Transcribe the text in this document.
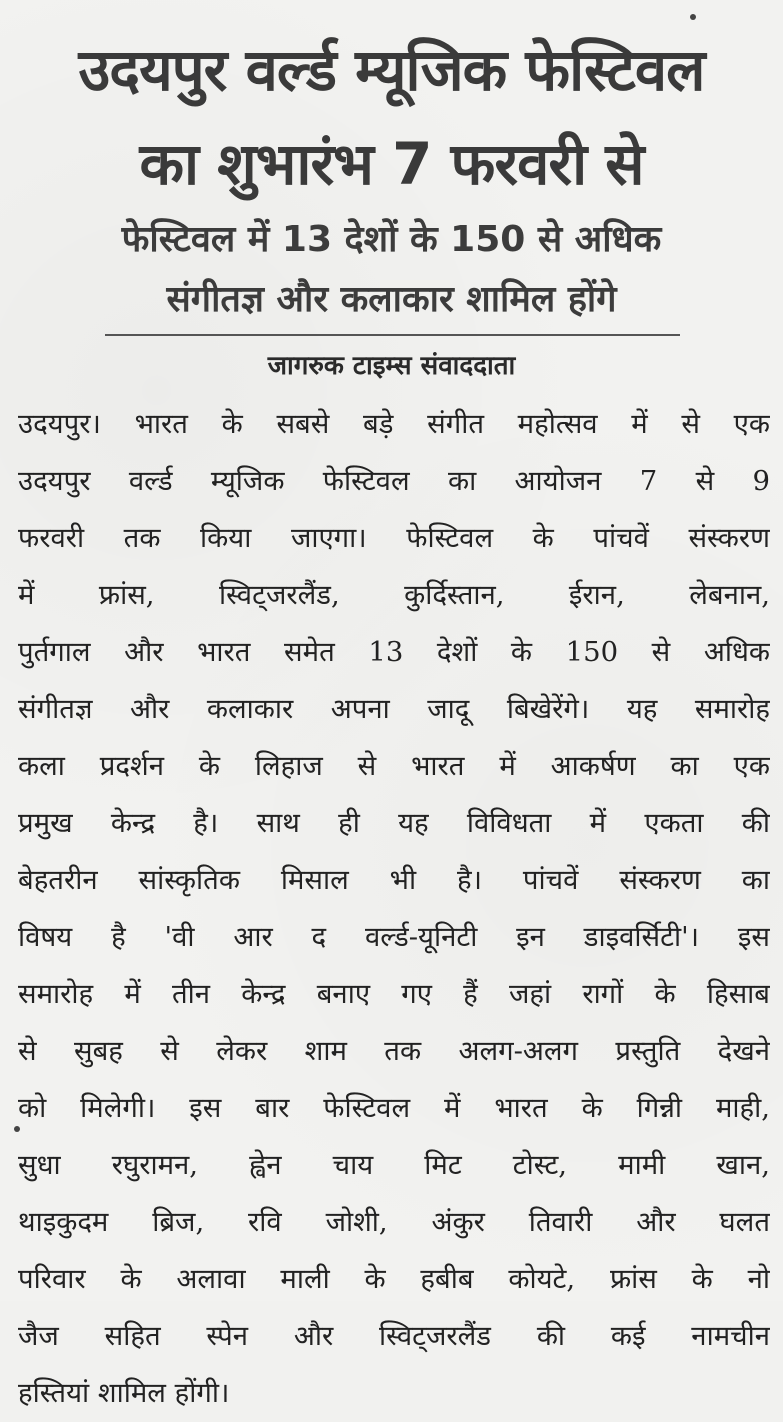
उदयपुर वर्ल्ड म्यूजिक फेस्टिवल
का शुभारंभ 7 फरवरी से
फेस्टिवल में 13 देशों के 150 से अधिक
संगीतज्ञ और कलाकार शामिल होंगे

जागरुक टाइम्स संवाददाता

उदयपुर। भारत के सबसे बड़े संगीत महोत्सव में से एक
उदयपुर वर्ल्ड म्यूजिक फेस्टिवल का आयोजन 7 से 9
फरवरी तक किया जाएगा। फेस्टिवल के पांचवें संस्करण
में फ्रांस, स्विट्जरलैंड, कुर्दिस्तान, ईरान, लेबनान,
पुर्तगाल और भारत समेत 13 देशों के 150 से अधिक
संगीतज्ञ और कलाकार अपना जादू बिखेरेंगे। यह समारोह
कला प्रदर्शन के लिहाज से भारत में आकर्षण का एक
प्रमुख केन्द्र है। साथ ही यह विविधता में एकता की
बेहतरीन सांस्कृतिक मिसाल भी है। पांचवें संस्करण का
विषय है 'वी आर द वर्ल्ड-यूनिटी इन डाइवर्सिटी'। इस
समारोह में तीन केन्द्र बनाए गए हैं जहां रागों के हिसाब
से सुबह से लेकर शाम तक अलग-अलग प्रस्तुति देखने
को मिलेगी। इस बार फेस्टिवल में भारत के गिन्नी माही,
सुधा रघुरामन, ह्वेन चाय मिट टोस्ट, मामी खान,
थाइकुदम ब्रिज, रवि जोशी, अंकुर तिवारी और घलत
परिवार के अलावा माली के हबीब कोयटे, फ्रांस के नो
जैज सहित स्पेन और स्विट्जरलैंड की कई नामचीन
हस्तियां शामिल होंगी।
